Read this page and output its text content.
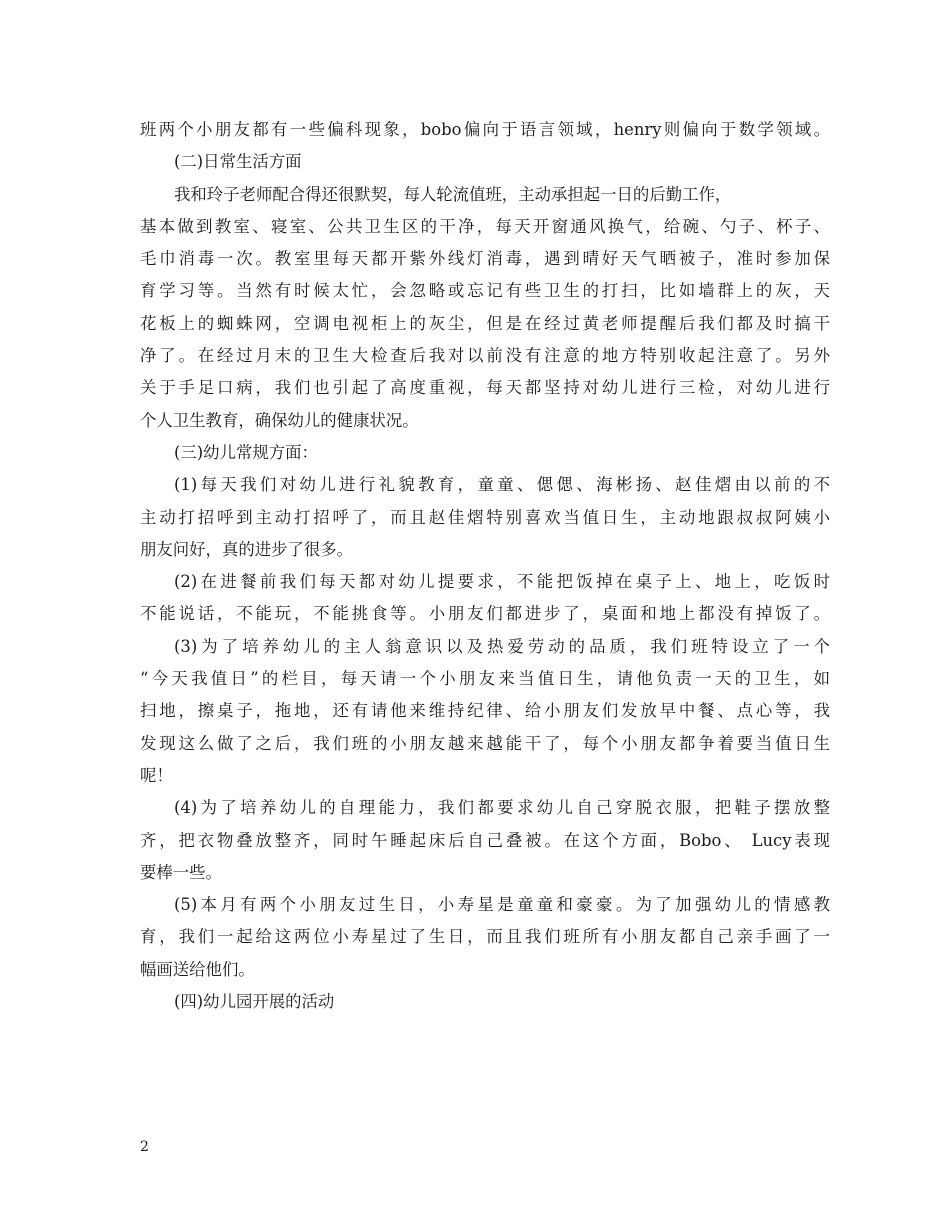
班两个小朋友都有一些偏科现象，bobo偏向于语言领域，henry则偏向于数学领域。
(二)日常生活方面
我和玲子老师配合得还很默契，每人轮流值班，主动承担起一日的后勤工作，
基本做到教室、寝室、公共卫生区的干净，每天开窗通风换气，给碗、勺子、杯子、
毛巾消毒一次。教室里每天都开紫外线灯消毒，遇到晴好天气晒被子，准时参加保
育学习等。当然有时候太忙，会忽略或忘记有些卫生的打扫，比如墙群上的灰，天
花板上的蜘蛛网，空调电视柜上的灰尘，但是在经过黄老师提醒后我们都及时搞干
净了。在经过月末的卫生大检查后我对以前没有注意的地方特别收起注意了。另外
关于手足口病，我们也引起了高度重视，每天都坚持对幼儿进行三检，对幼儿进行
个人卫生教育，确保幼儿的健康状况。
(三)幼儿常规方面：
(1)每天我们对幼儿进行礼貌教育，童童、偲偲、海彬扬、赵佳熠由以前的不
主动打招呼到主动打招呼了，而且赵佳熠特别喜欢当值日生，主动地跟叔叔阿姨小
朋友问好，真的进步了很多。
(2)在进餐前我们每天都对幼儿提要求，不能把饭掉在桌子上、地上，吃饭时
不能说话，不能玩，不能挑食等。小朋友们都进步了，桌面和地上都没有掉饭了。
(3)为了培养幼儿的主人翁意识以及热爱劳动的品质，我们班特设立了一个
“今天我值日”的栏目，每天请一个小朋友来当值日生，请他负责一天的卫生，如
扫地，擦桌子，拖地，还有请他来维持纪律、给小朋友们发放早中餐、点心等，我
发现这么做了之后，我们班的小朋友越来越能干了，每个小朋友都争着要当值日生
呢！
(4)为了培养幼儿的自理能力，我们都要求幼儿自己穿脱衣服，把鞋子摆放整
齐，把衣物叠放整齐，同时午睡起床后自己叠被。在这个方面，Bobo、 Lucy表现
要棒一些。
(5)本月有两个小朋友过生日，小寿星是童童和豪豪。为了加强幼儿的情感教
育，我们一起给这两位小寿星过了生日，而且我们班所有小朋友都自己亲手画了一
幅画送给他们。
(四)幼儿园开展的活动
2
